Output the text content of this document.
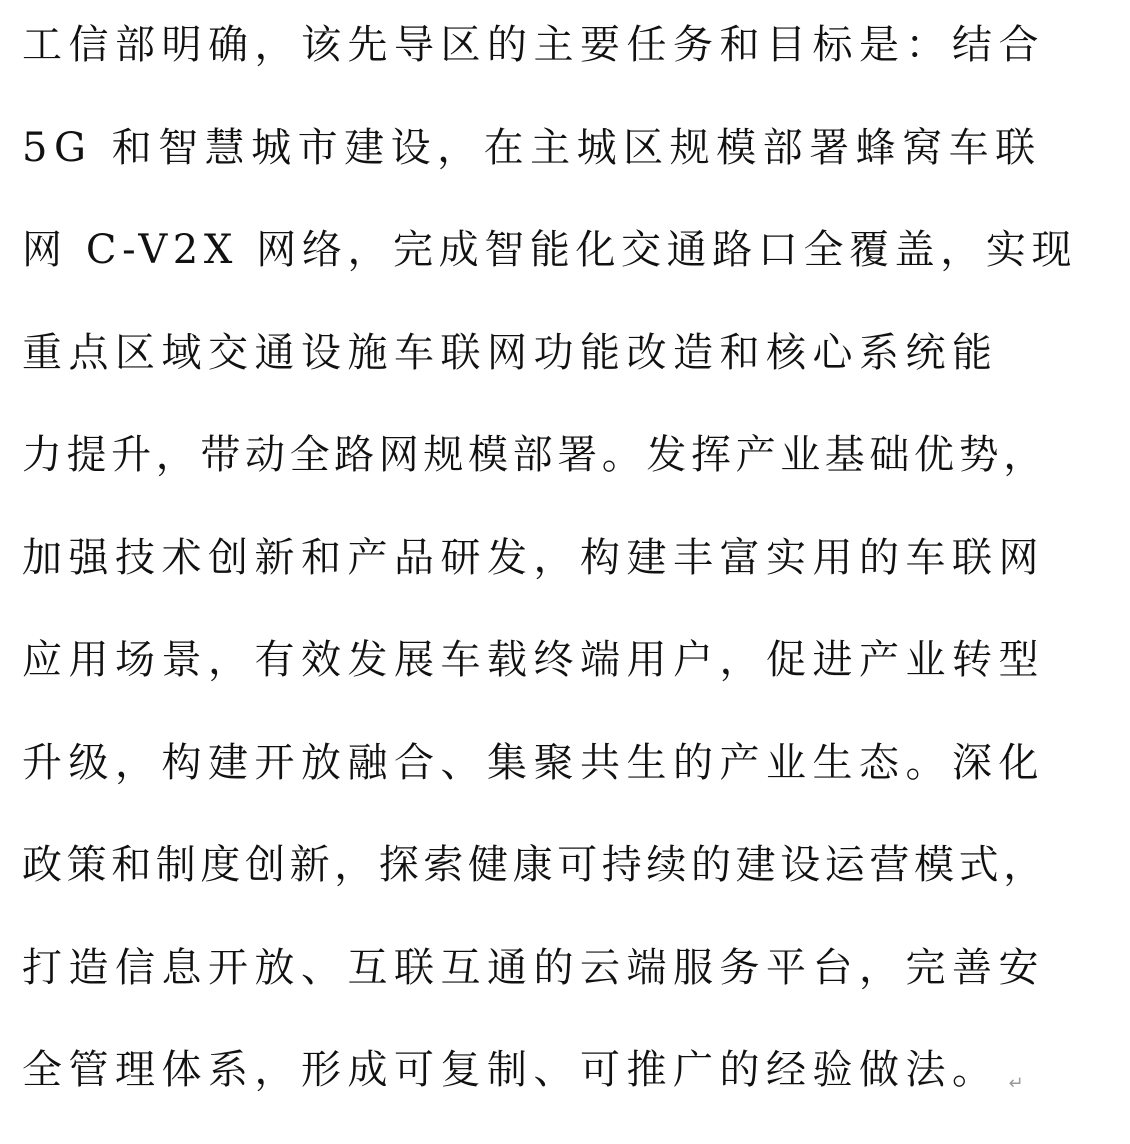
工信部明确，该先导区的主要任务和目标是：结合
5G 和智慧城市建设，在主城区规模部署蜂窝车联
网 C-V2X 网络，完成智能化交通路口全覆盖，实现
重点区域交通设施车联网功能改造和核心系统能
力提升，带动全路网规模部署。发挥产业基础优势，
加强技术创新和产品研发，构建丰富实用的车联网
应用场景，有效发展车载终端用户，促进产业转型
升级，构建开放融合、集聚共生的产业生态。深化
政策和制度创新，探索健康可持续的建设运营模式，
打造信息开放、互联互通的云端服务平台，完善安
全管理体系，形成可复制、可推广的经验做法。 ↵
